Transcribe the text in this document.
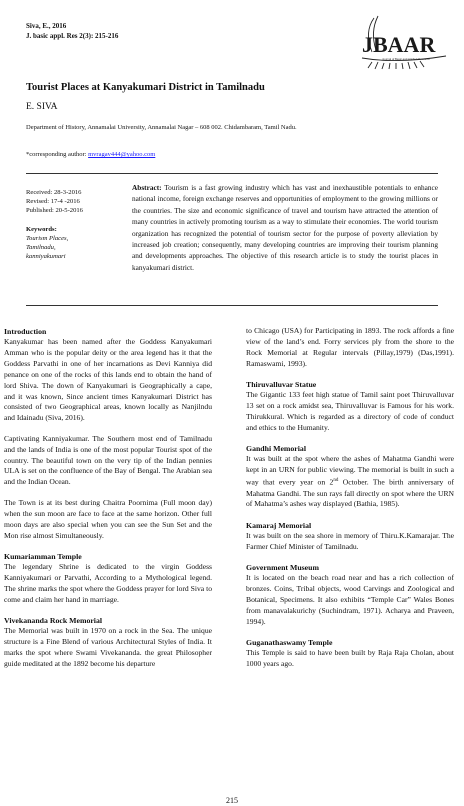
Siva, E., 2016
J. basic appl. Res 2(3): 215-216	JBAAR
Journal of Basic and Applied Research
Tourist Places at Kanyakumari District in Tamilnadu
E. SIVA
Department of History, Annamalai University, Annamalai Nagar – 608 002. Chidambaram, Tamil Nadu.
*corresponding author: mvragav444@yahoo.com
Received: 28-3-2016
Revised: 17-4 -2016
Published: 20-5-2016
Keywords:
Tourism Places,
Tamilnadu,
kanniyakumari
Abstract: Tourism is a fast growing industry which has vast and inexhaustible potentials to enhance national income, foreign exchange reserves and opportunities of employment to the growing millions or the countries. The size and economic significance of travel and tourism have attracted the attention of many countries in actively promoting tourism as a way to stimulate their economies. The world tourism organization has recognized the potential of tourism sector for the purpose of poverty alleviation by increased job creation; consequently, many developing countries are improving their tourism planning and developments approaches. The objective of this research article is to study the tourist places in kanyakumari district.
Introduction

Kanyakumar has been named after the Goddess Kanyakumari Amman who is the popular deity or the area legend has it that the Goddess Parvathi in one of her incarnations as Devi Kanniya did penance on one of the rocks of this lands end to obtain the hand of lord Shiva. The down of Kanyakumari is Geographically a cape, and it was known, Since ancient times Kanyakumari District has consisted of two Geographical areas, known locally as Nanjilndu and Idainadu (Siva, 2016).

Captivating Kanniyakumar. The Southern most end of Tamilnadu and the lands of India is one of the most popular Tourist spot of the country. The beautiful town on the very tip of the Indian pennies ULA is set on the confluence of the Bay of Bengal. The Arabian sea and the Indian Ocean.

The Town is at its best during Chaitra Poornima (Full moon day) when the sun moon are face to face at the same horizon. Other full moon days are also special when you can see the Sun Set and the Mon rise almost Simultaneously.

Kumariamman Temple

The legendary Shrine is dedicated to the virgin Goddess Kanniyakumari or Parvathi, According to a Mythological legend. The shrine marks the spot where the Goddess prayer for lord Siva to come and claim her hand in marriage.

Vivekananda Rock Memorial

The Memorial was built in 1970 on a rock in the Sea. The unique structure is a Fine Blend of various Architectural Styles of India. It marks the spot where Swami Vivekananda. the great Philosopher guide meditated at the 1892 become his departure

to Chicago (USA) for Participating in 1893. The rock affords a fine view of the land’s end. Forry services ply from the shore to the Rock Memorial at Regular intervals (Pillay,1979) (Das,1991). Ramaswami, 1993).

Thiruvalluvar Statue

The Gigantic 133 feet high statue of Tamil saint poet Thiruvalluvar 13 set on a rock amidst sea, Thiruvalluvar is Famous for his work. Thirukkural. Which is regarded as a directory of code of conduct and ethics to the Humanity.

Gandhi Memorial

It was built at the spot where the ashes of Mahatma Gandhi were kept in an URN for public viewing. The memorial is built in such a way that every year on 2nd October. The birth anniversary of Mahatma Gandhi. The sun rays fall directly on spot where the URN of Mahatma’s ashes way displayed (Bathia, 1985).

Kamaraj Memorial

It was built on the sea shore in memory of Thiru.K.Kamarajar. The Farmer Chief Minister of Tamilnadu.

Government Museum

It is located on the beach road near and has a rich collection of bronzes. Coins, Tribal objects, wood Carvings and Zoological and Botanical, Specimens. It also exhibits “Temple Car” Wales Bones from manavalakurichy (Suchindram, 1971). Acharya and Praveen, 1994).

Guganathaswamy Temple

This Temple is said to have been built by Raja Raja Cholan, about 1000 years ago.

215
